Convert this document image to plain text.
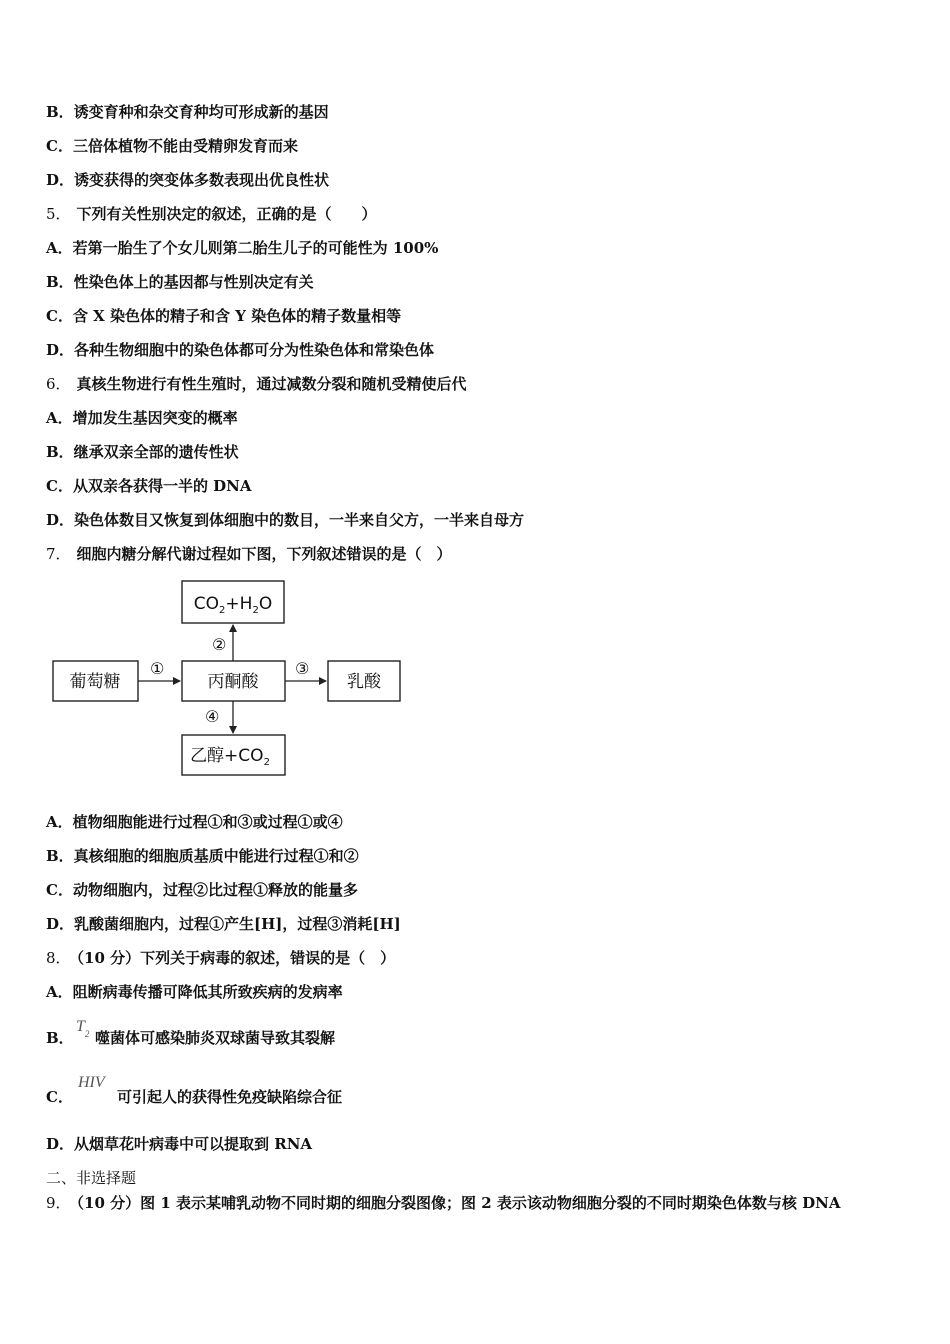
B．诱变育种和杂交育种均可形成新的基因
C．三倍体植物不能由受精卵发育而来
D．诱变获得的突变体多数表现出优良性状
5． 下列有关性别决定的叙述，正确的是（　　）
A．若第一胎生了个女儿则第二胎生儿子的可能性为 100%
B．性染色体上的基因都与性别决定有关
C．含 X 染色体的精子和含 Y 染色体的精子数量相等
D．各种生物细胞中的染色体都可分为性染色体和常染色体
6． 真核生物进行有性生殖时，通过减数分裂和随机受精使后代
A．增加发生基因突变的概率
B．继承双亲全部的遗传性状
C．从双亲各获得一半的 DNA
D．染色体数目又恢复到体细胞中的数目，一半来自父方，一半来自母方
7． 细胞内糖分解代谢过程如下图，下列叙述错误的是（　）
$CO_2+H_2O$
葡萄糖	丙酮酸	乳酸
乙醇$+CO_2$
①
②
③
④
A．植物细胞能进行过程①和③或过程①或④
B．真核细胞的细胞质基质中能进行过程①和②
C．动物细胞内，过程②比过程①释放的能量多
D．乳酸菌细胞内，过程①产生[H]，过程③消耗[H]
8． （10 分）下列关于病毒的叙述，错误的是（　）
A．阻断病毒传播可降低其所致疾病的发病率
B．
$T_2$ 噬菌体可感染肺炎双球菌导致其裂解
C．
HIV
可引起人的获得性免疫缺陷综合征
D．从烟草花叶病毒中可以提取到 RNA
二、非选择题
9． （10 分）图 1 表示某哺乳动物不同时期的细胞分裂图像；图 2 表示该动物细胞分裂的不同时期染色体数与核 DNA
